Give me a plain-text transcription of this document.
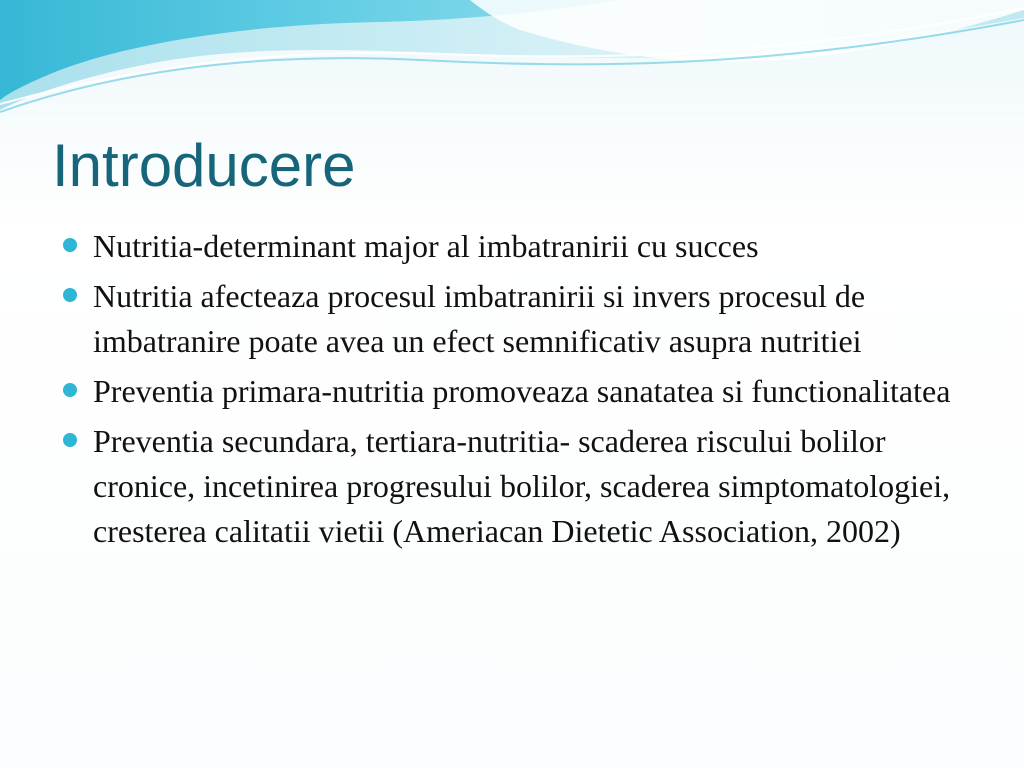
Introducere
Nutritia-determinant major al imbatranirii cu succes
Nutritia afecteaza procesul imbatranirii si invers procesul de imbatranire poate avea un efect semnificativ asupra nutritiei
Preventia primara-nutritia promoveaza sanatatea si functionalitatea
Preventia secundara, tertiara-nutritia- scaderea riscului bolilor cronice, incetinirea progresului bolilor, scaderea simptomatologiei, cresterea calitatii vietii (Ameriacan Dietetic Association, 2002)
